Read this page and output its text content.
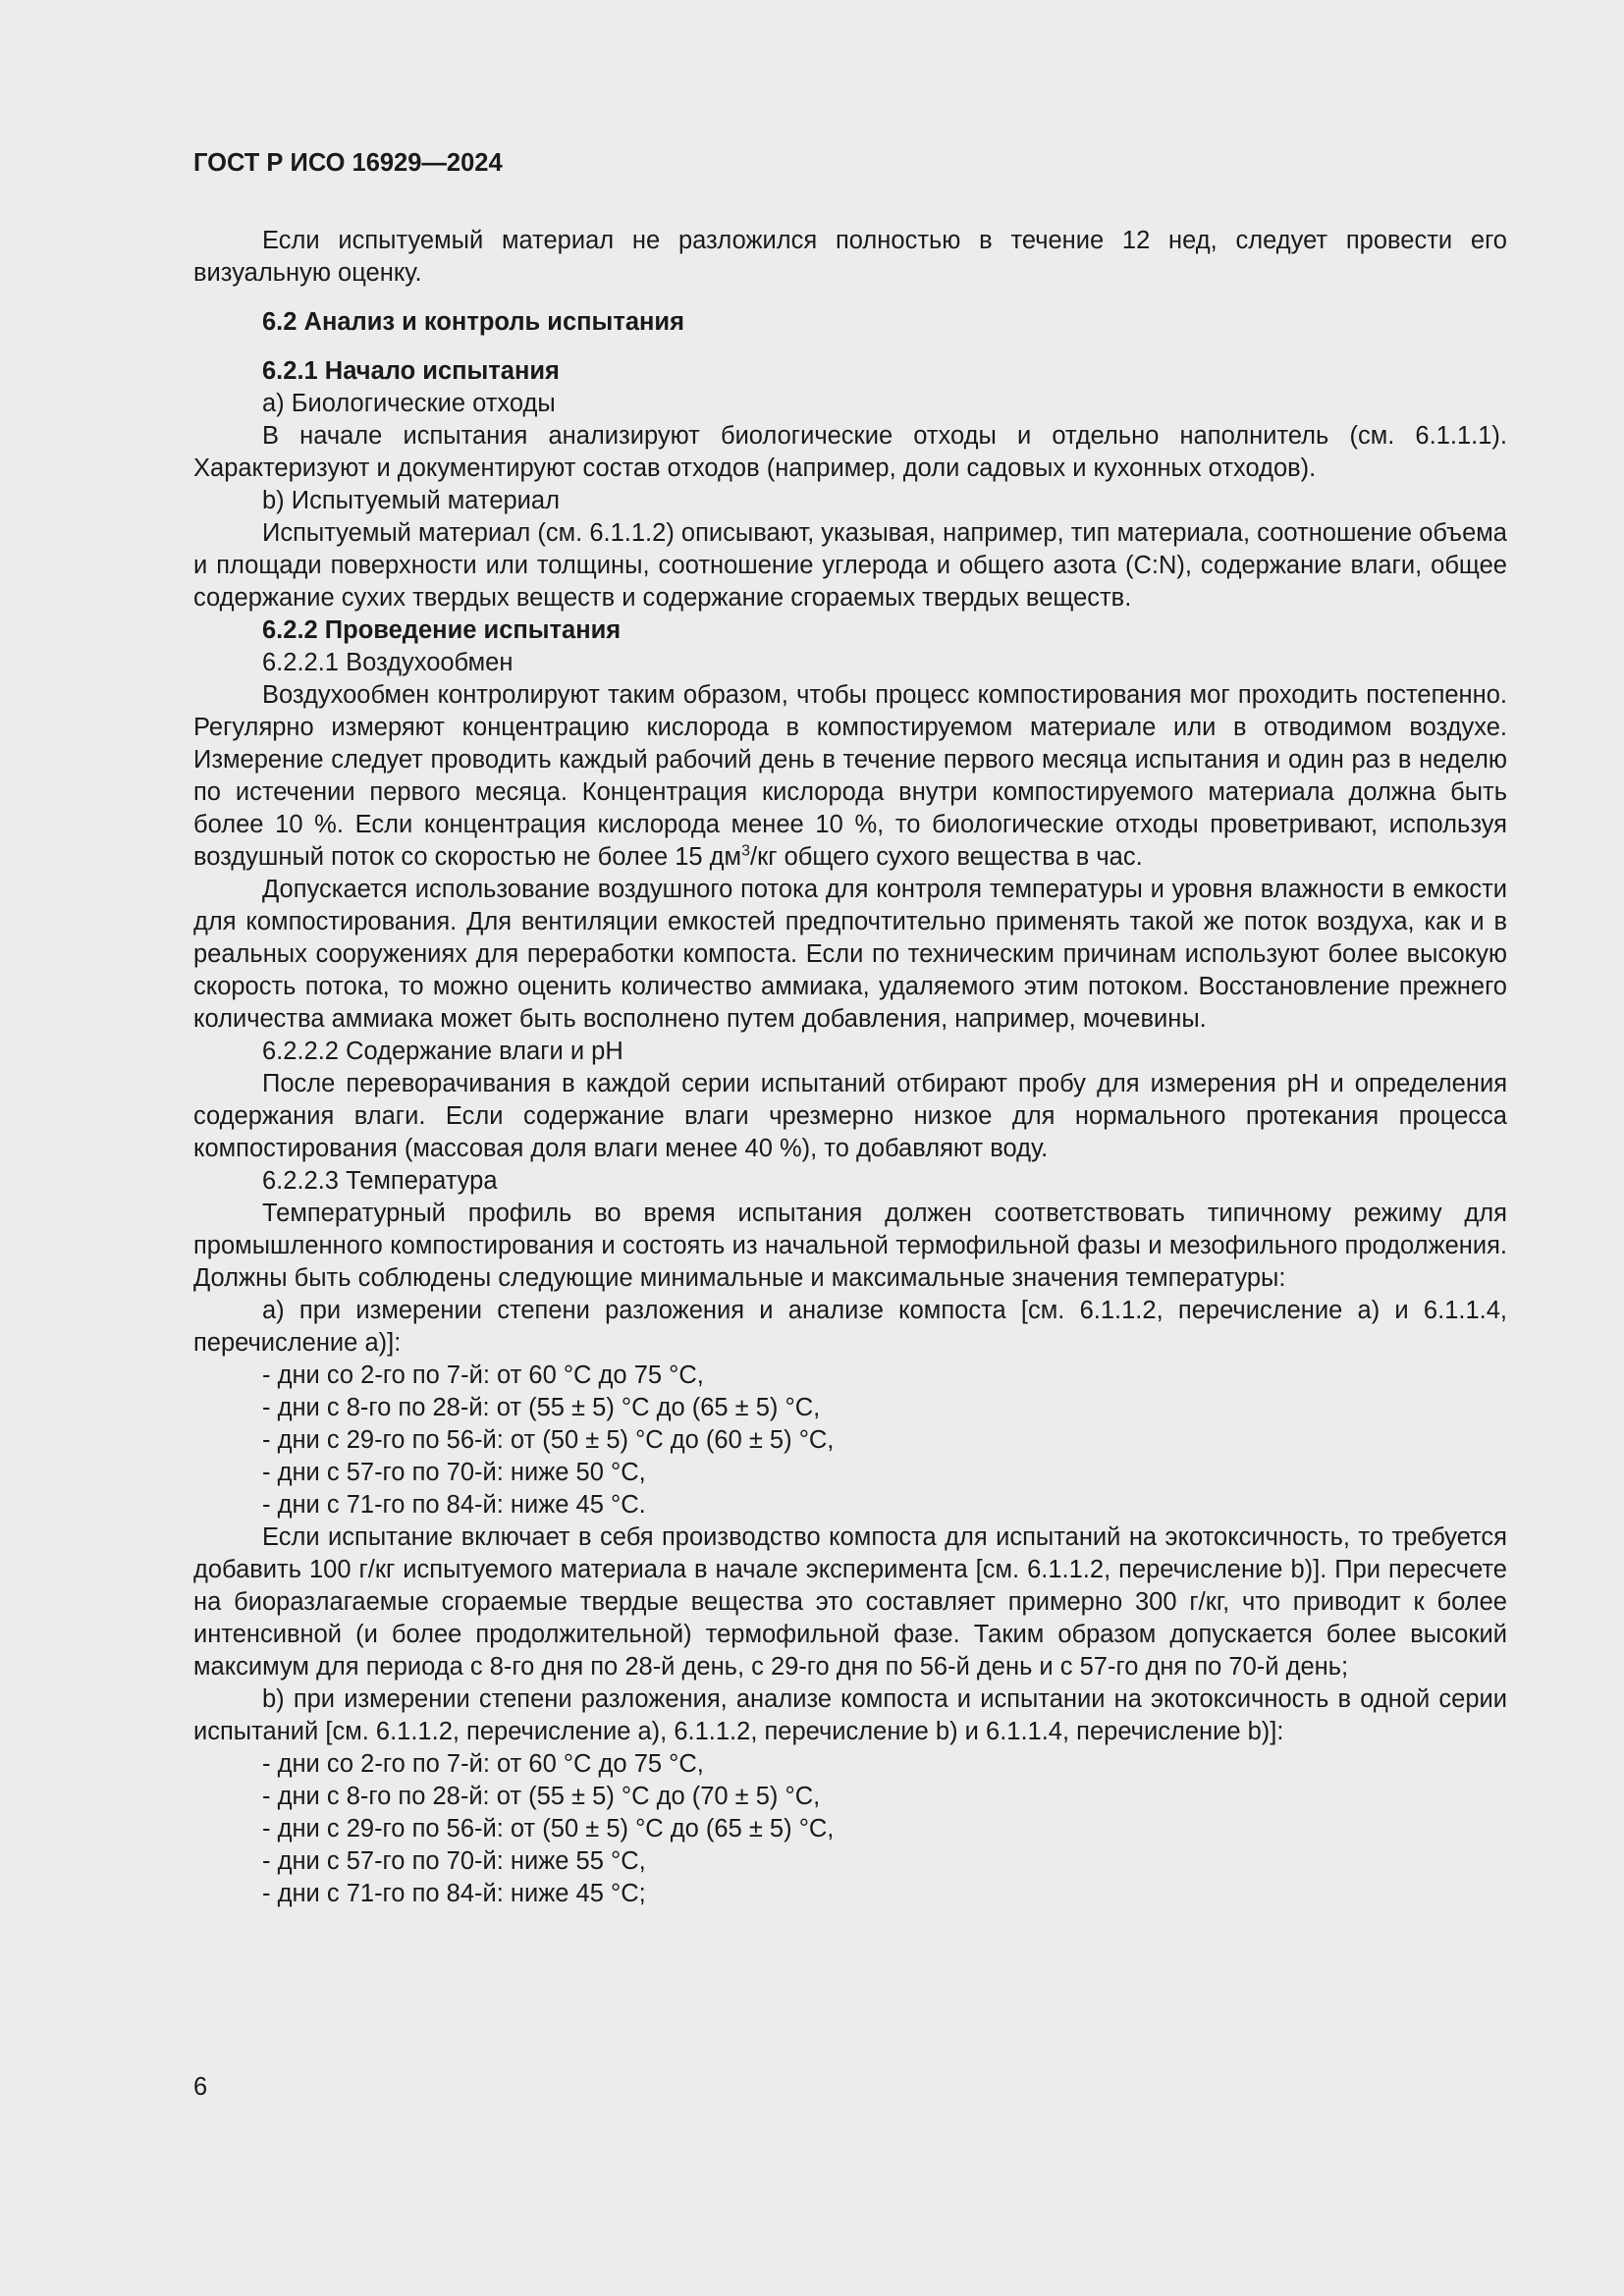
ГОСТ Р ИСО 16929—2024

Если испытуемый материал не разложился полностью в течение 12 нед, следует провести его визуальную оценку.

6.2 Анализ и контроль испытания
6.2.1 Начало испытания

a) Биологические отходы

В начале испытания анализируют биологические отходы и отдельно наполнитель (см. 6.1.1.1). Характеризуют и документируют состав отходов (например, доли садовых и кухонных отходов).

b) Испытуемый материал

Испытуемый материал (см. 6.1.1.2) описывают, указывая, например, тип материала, соотношение объема и площади поверхности или толщины, соотношение углерода и общего азота (C:N), содержание влаги, общее содержание сухих твердых веществ и содержание сгораемых твердых веществ.

6.2.2 Проведение испытания

6.2.2.1 Воздухообмен

Воздухообмен контролируют таким образом, чтобы процесс компостирования мог проходить постепенно. Регулярно измеряют концентрацию кислорода в компостируемом материале или в отводимом воздухе. Измерение следует проводить каждый рабочий день в течение первого месяца испытания и один раз в неделю по истечении первого месяца. Концентрация кислорода внутри компостируемого материала должна быть более 10 %. Если концентрация кислорода менее 10 %, то биологические отходы проветривают, используя воздушный поток со скоростью не более 15 $дм^3/кг$ общего сухого вещества в час.

Допускается использование воздушного потока для контроля температуры и уровня влажности в емкости для компостирования. Для вентиляции емкостей предпочтительно применять такой же поток воздуха, как и в реальных сооружениях для переработки компоста. Если по техническим причинам используют более высокую скорость потока, то можно оценить количество аммиака, удаляемого этим потоком. Восстановление прежнего количества аммиака может быть восполнено путем добавления, например, мочевины.

6.2.2.2 Содержание влаги и pH

После переворачивания в каждой серии испытаний отбирают пробу для измерения pH и определения содержания влаги. Если содержание влаги чрезмерно низкое для нормального протекания процесса компостирования (массовая доля влаги менее 40 %), то добавляют воду.

6.2.2.3 Температура

Температурный профиль во время испытания должен соответствовать типичному режиму для промышленного компостирования и состоять из начальной термофильной фазы и мезофильного продолжения. Должны быть соблюдены следующие минимальные и максимальные значения температуры:

a) при измерении степени разложения и анализе компоста [см. 6.1.1.2, перечисление a) и 6.1.1.4, перечисление a)]:

- дни со 2-го по 7-й: от 60 °C до 75 °C,

- дни с 8-го по 28-й: от (55 ± 5) °C до (65 ± 5) °C,

- дни с 29-го по 56-й: от (50 ± 5) °C до (60 ± 5) °C,

- дни с 57-го по 70-й: ниже 50 °C,

- дни с 71-го по 84-й: ниже 45 °C.

Если испытание включает в себя производство компоста для испытаний на экотоксичность, то требуется добавить 100 г/кг испытуемого материала в начале эксперимента [см. 6.1.1.2, перечисление b)]. При пересчете на биоразлагаемые сгораемые твердые вещества это составляет примерно 300 г/кг, что приводит к более интенсивной (и более продолжительной) термофильной фазе. Таким образом допускается более высокий максимум для периода с 8-го дня по 28-й день, с 29-го дня по 56-й день и с 57-го дня по 70-й день;

b) при измерении степени разложения, анализе компоста и испытании на экотоксичность в одной серии испытаний [см. 6.1.1.2, перечисление a), 6.1.1.2, перечисление b) и 6.1.1.4, перечисление b)]:

- дни со 2-го по 7-й: от 60 °C до 75 °C,

- дни с 8-го по 28-й: от (55 ± 5) °C до (70 ± 5) °C,

- дни с 29-го по 56-й: от (50 ± 5) °C до (65 ± 5) °C,

- дни с 57-го по 70-й: ниже 55 °C,

- дни с 71-го по 84-й: ниже 45 °C;

6
